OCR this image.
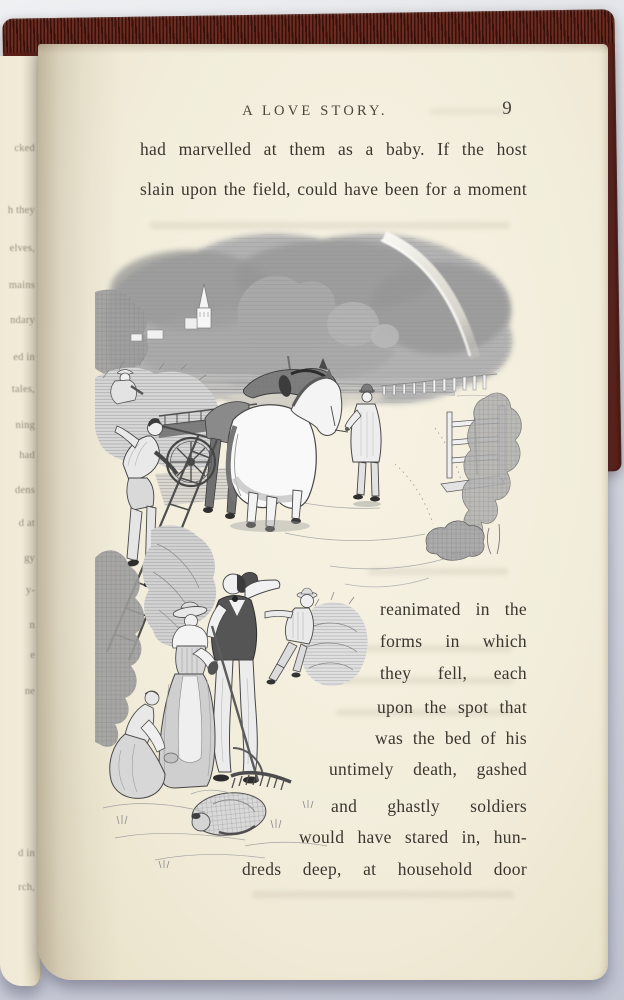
cked
h they
elves,
mains
ndary
ed in
tales,
ning
had
dens
d at
gy
y-
n
e
ne
d in
rch,
A LOVE STORY.	9
had marvelled at them as a baby. If the host
slain upon the field, could have been for a moment
T. WILLIAMS
reanimated in the
forms in which
they fell, each
upon the spot that
was the bed of his
untimely death, gashed
and ghastly soldiers
would have stared in, hun-
dreds deep, at household door
